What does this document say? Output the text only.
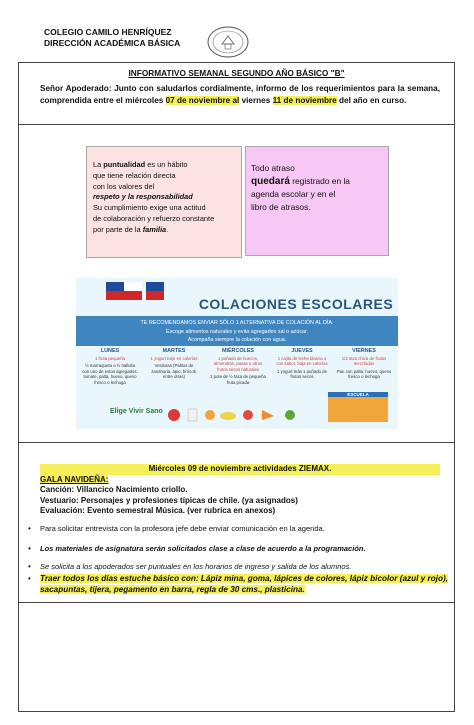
COLEGIO CAMILO HENRÍQUEZ
DIRECCIÓN ACADÉMICA BÁSICA
INFORMATIVO SEMANAL SEGUNDO AÑO BÁSICO "B"
Señor Apoderado: Junto con saludarlos cordialmente, informo de los requerimientos para la semana, comprendida entre el miércoles 07 de noviembre al viernes 11 de noviembre del año en curso.
La puntualidad es un hábito
que tiene relación directa
con los valores del
respeto y la responsabilidad
Su cumplimiento exige una actitud
de colaboración y refuerzo constante
por parte de la familia.
Todo atraso
quedará registrado en la
agenda escolar y en el
libro de atrasos.
COLACIONES ESCOLARES
TE RECOMENDAMOS ENVIAR SÓLO 1 ALTERNATIVA DE COLACIÓN AL DÍA.
Escoge alimentos naturales y evita agregarles sal o azúcar.
Acompaña siempre la colación con agua.
LUNES
1 fruta pequeña
½ marraqueta o ½ hallulla con uno de estos agregados: tomate, palta, huevo, queso fresco o lechuga
MARTES
1 yogurt bajo en calorías
Verduras (Palitos de zanahoria, apio, brócoli, entre otras)
MIÉRCOLES
1 puñado de nueces, almendras, pasas u otros frutos secos naturales
1 pote de ½ taza de pequeña fruta picada
JUEVES
1 cajita de leche blanca o con sabor, baja en calorías
1 yogurt más 1 puñado de frutos secos
VIERNES
1/2 taza chica de frutas mezcladas
Pan con palta, huevo, queso fresco o lechuga
Elige Vivir Sano
ESCUELA
Miércoles 09 de noviembre actividades ZIEMAX.
GALA NAVIDEÑA:
Canción: Villancico Nacimiento criollo.
Vestuario: Personajes y profesiones típicas de chile. (ya asignados)
Evaluación: Evento semestral Música. (ver rubrica en anexos)
• Para solicitar entrevista con la profesora jefe debe enviar comunicación en la agenda.
• Los materiales de asignatura serán solicitados clase a clase de acuerdo a la programación.
• Se solicita a los apoderados ser puntuales en los horarios de ingreso y salida de los alumnos.
• Traer todos los días estuche básico con: Lápiz mina, goma, lápices de colores, lápiz bicolor (azul y rojo), sacapuntas, tijera, pegamento en barra, regla de 30 cms., plasticina.
